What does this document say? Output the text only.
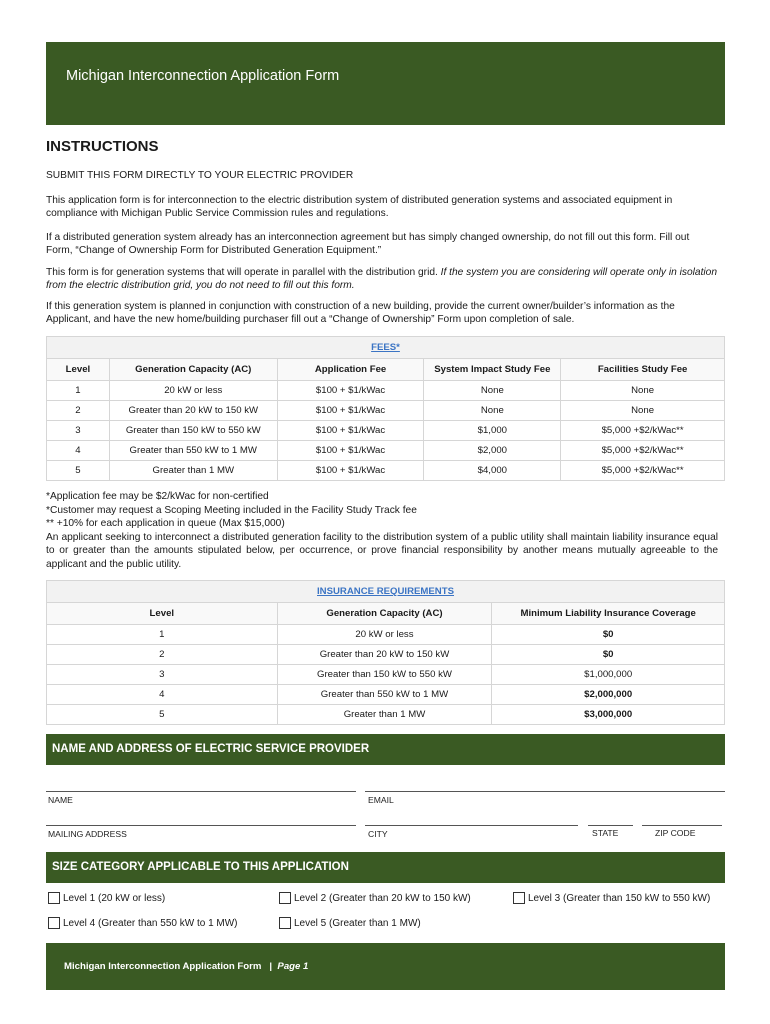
Michigan Interconnection Application Form
INSTRUCTIONS

SUBMIT THIS FORM DIRECTLY TO YOUR ELECTRIC PROVIDER

This application form is for interconnection to the electric distribution system of distributed generation systems and associated equipment in compliance with Michigan Public Service Commission rules and regulations.

If a distributed generation system already has an interconnection agreement but has simply changed ownership, do not fill out this form. Fill out Form, “Change of Ownership Form for Distributed Generation Equipment.”

This form is for generation systems that will operate in parallel with the distribution grid. If the system you are considering will operate only in isolation from the electric distribution grid, you do not need to fill out this form.

If this generation system is planned in conjunction with construction of a new building, provide the current owner/builder’s information as the Applicant, and have the new home/building purchaser fill out a “Change of Ownership” Form upon completion of sale.

FEES*				
Level	Generation Capacity (AC)	Application Fee	System Impact Study Fee	Facilities Study Fee
1	20 kW or less	$100 + $1/kWac	None	None
2	Greater than 20 kW to 150 kW	$100 + $1/kWac	None	None
3	Greater than 150 kW to 550 kW	$100 + $1/kWac	$1,000	$5,000 +$2/kWac**
4	Greater than 550 kW to 1 MW	$100 + $1/kWac	$2,000	$5,000 +$2/kWac**
5	Greater than 1 MW	$100 + $1/kWac	$4,000	$5,000 +$2/kWac**
*Application fee may be $2/kWac for non-certified
*Customer may request a Scoping Meeting included in the Facility Study Track fee
** +10% for each application in queue (Max $15,000)
An applicant seeking to interconnect a distributed generation facility to the distribution system of a public utility shall maintain liability insurance equal to or greater than the amounts stipulated below, per occurrence, or prove financial responsibility by another means mutually agreeable to the applicant and the public utility.
INSURANCE REQUIREMENTS		
Level	Generation Capacity (AC)	Minimum Liability Insurance Coverage
1	20 kW or less	$0
2	Greater than 20 kW to 150 kW	$0
3	Greater than 150 kW to 550 kW	$1,000,000
4	Greater than 550 kW to 1 MW	$2,000,000
5	Greater than 1 MW	$3,000,000
NAME AND ADDRESS OF ELECTRIC SERVICE PROVIDER
NAME	EMAIL
MAILING ADDRESS	CITY	STATE	ZIP CODE
SIZE CATEGORY APPLICABLE TO THIS APPLICATION
Level 1 (20 kW or less)	Level 2 (Greater than 20 kW to 150 kW)	Level 3 (Greater than 150 kW to 550 kW)
Level 4 (Greater than 550 kW to 1 MW)	Level 5 (Greater than 1 MW)
Michigan Interconnection Application Form | Page 1
